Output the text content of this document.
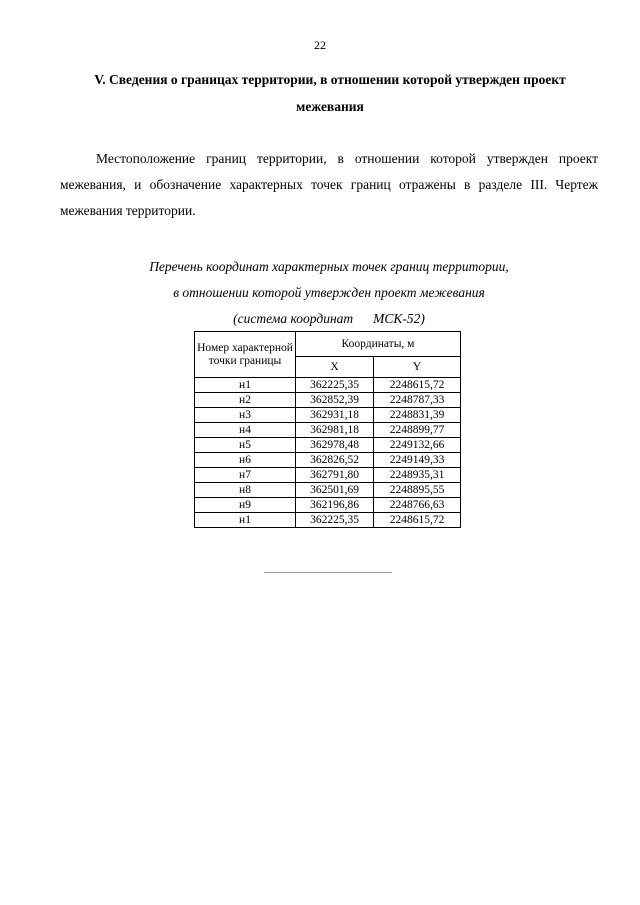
22
V. Сведения о границах территории, в отношении которой утвержден проект межевания
Местоположение границ территории, в отношении которой утвержден проект межевания, и обозначение характерных точек границ отражены в разделе III. Чертеж межевания территории.
Перечень координат характерных точек границ территории,
в отношении которой утвержден проект межевания
(система координат МСК-52)
Номер характерной точки границы	Координаты, м	
	X	Y
н1	362225,35	2248615,72
н2	362852,39	2248787,33
н3	362931,18	2248831,39
н4	362981,18	2248899,77
н5	362978,48	2249132,66
н6	362826,52	2249149,33
н7	362791,80	2248935,31
н8	362501,69	2248895,55
н9	362196,86	2248766,63
н1	362225,35	2248615,72
